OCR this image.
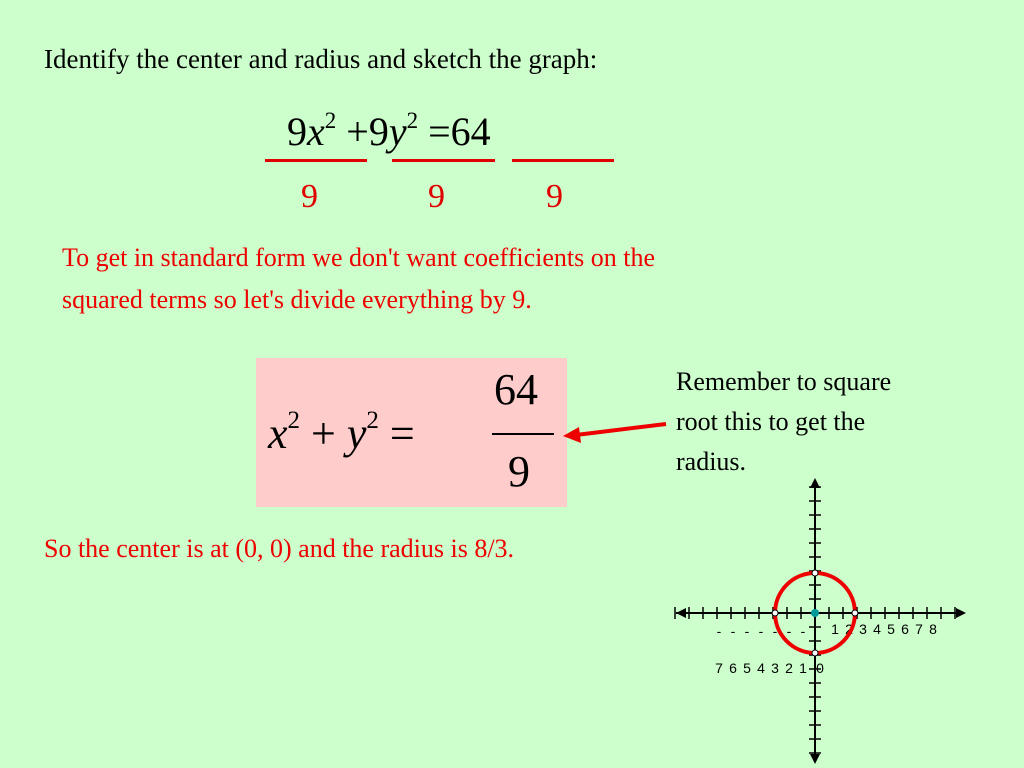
Identify the center and radius and sketch the graph:
$9x^2 +9y^2 =64$
9	9	9
To get in standard form we don't want coefficients on the
squared terms so let's divide everything by 9.
$x^2 + y^2$ =
64
9
Remember to square
root this to get the
radius.
So the center is at (0, 0) and the radius is 8/3.
1 2 3 4 5 6 7 8
- - - - - - -
7 6 5 4 3 2 1 0
